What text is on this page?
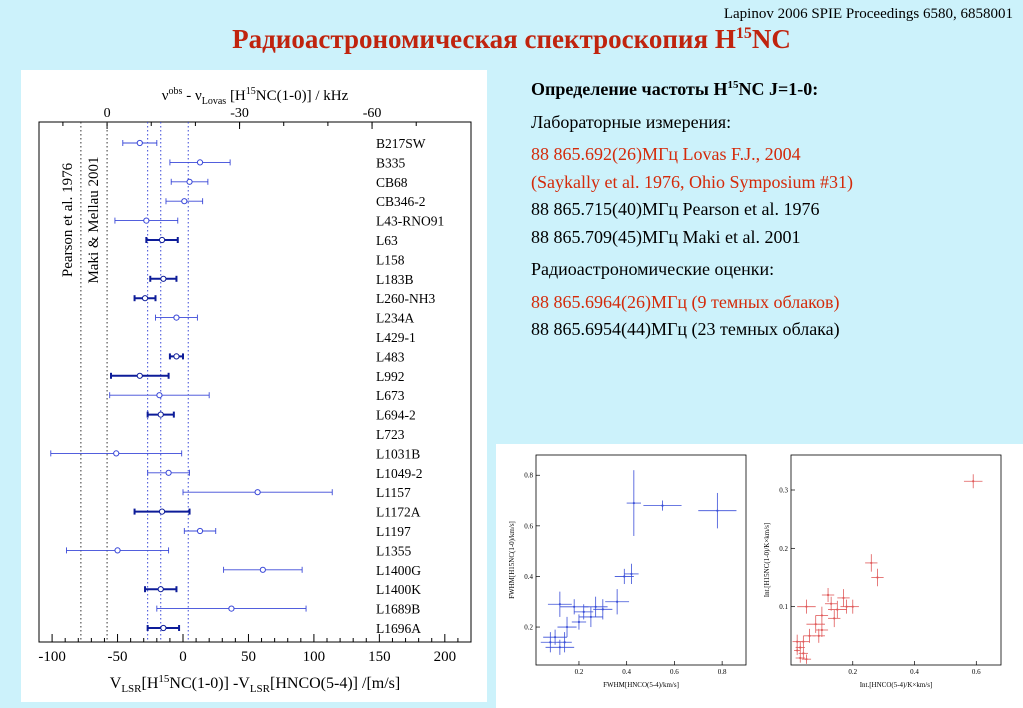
Lapinov 2006 SPIE Proceedings 6580, 6858001
Радиоастрономическая спектроскопия $H^{15}NC$
0	-30	-60
$\nu^{obs} - \nu_{Lovas}$ $[H^{15}NC(1-0)]$ / kHz
-100	-50	0	50	100	150	200
$V_{LSR}[H^{15}NC(1-0)]$ $-V_{LSR}[HNCO(5-4)]$ /[m/s]
Pearson et al. 1976 Maki & Mellau 2001
B217SW
B335
CB68
CB346-2
L43-RNO91
L63
L158
L183B
L260-NH3
L234A
L429-1
L483
L992
L673
L694-2
L723
L1031B
L1049-2
L1157
L1172A
L1197
L1355
L1400G
L1400K
L1689B
L1696A
Определение частоты $H^{15}NC$ J=1-0:
Лабораторные измерения:
88 865.692(26)МГц Lovas F.J., 2004
(Saykally et al. 1976, Ohio Symposium #31)
88 865.715(40)МГц Pearson et al. 1976
88 865.709(45)МГц Maki et al. 2001
Радиоастрономические оценки:
88 865.6964(26)МГц (9 темных облаков)
88 865.6954(44)МГц (23 темных облака)
0.2	0.4	0.6	0.8
0.2
0.4
0.6
0.8
FWHM[HNCO(5-4)/km/s]
FWHM[H15NC(1-0)/km/s]
0.2	0.4	0.6
0.1
0.2
0.3
Int.[HNCO(5-4)/K×km/s]
Int.[H15NC(1-0)/K×km/s]
